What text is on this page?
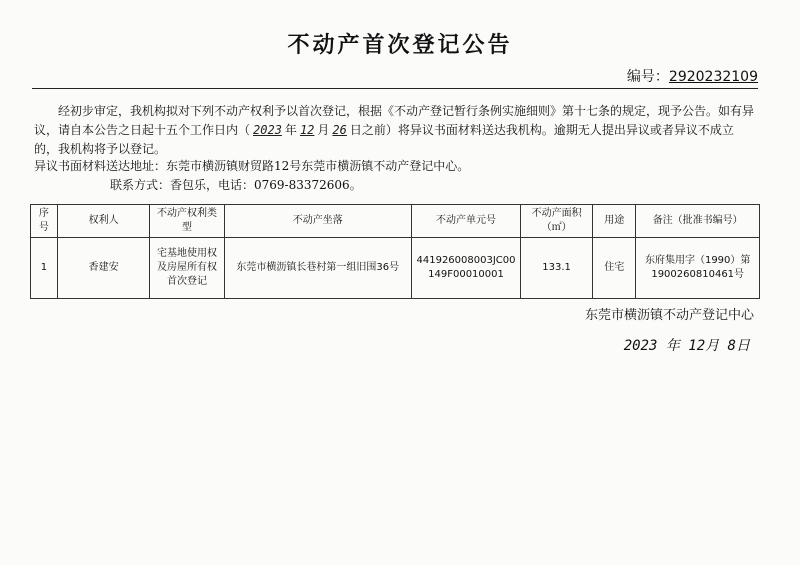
不动产首次登记公告
编号：2920232109
经初步审定，我机构拟对下列不动产权利予以首次登记，根据《不动产登记暂行条例实施细则》第十七条的规定，现予公告。如有异议，请自本公告之日起十五个工作日内（ 2023 年 12 月 26 日之前）将异议书面材料送达我机构。逾期无人提出异议或者异议不成立的，我机构将予以登记。
异议书面材料送达地址：东莞市横沥镇财贸路12号东莞市横沥镇不动产登记中心。
联系方式：香包乐，电话：0769-83372606。
序号	权利人	不动产权利类型	不动产坐落	不动产单元号	不动产面积（㎡）	用途	备注（批准书编号）
1	香建安	宅基地使用权及房屋所有权首次登记	东莞市横沥镇长巷村第一组旧围36号	441926008003JC00149F00010001	133.1	住宅	东府集用字（1990）第1900260810461号
东莞市横沥镇不动产登记中心
2023 年 12月 8日
